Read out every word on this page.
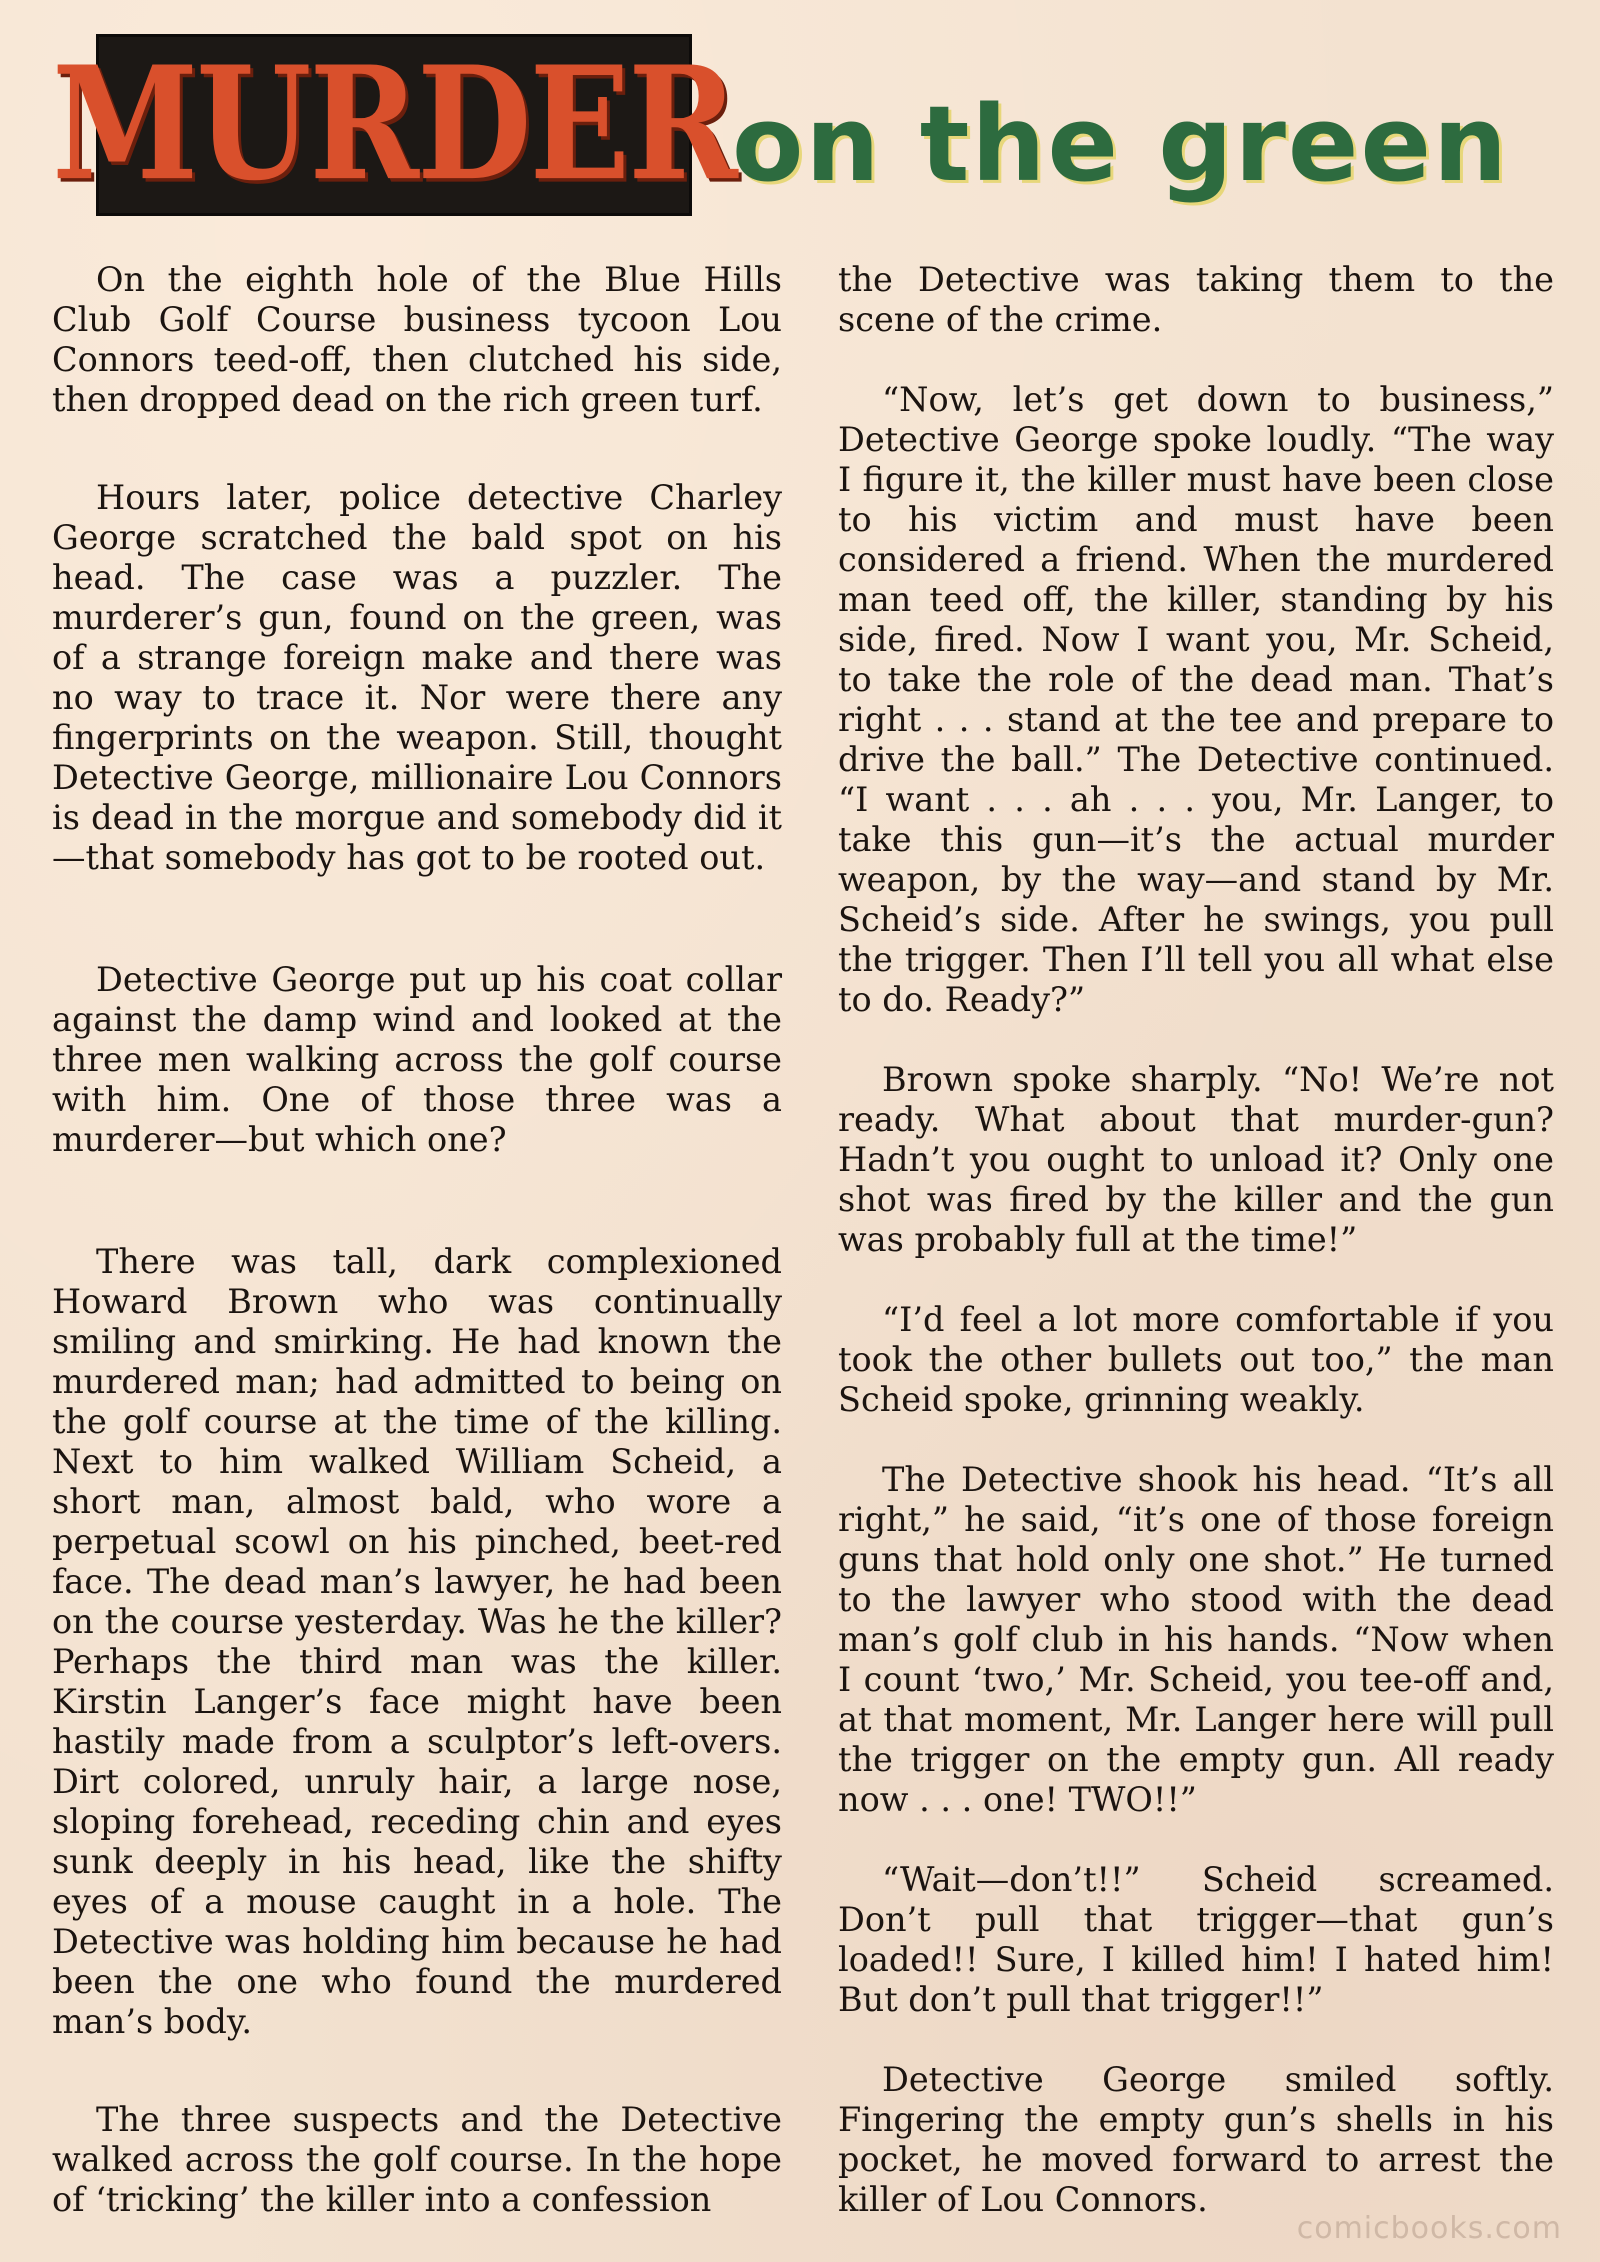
MURDER
on the green

On the eighth hole of the Blue Hills Club Golf Course business tycoon Lou Connors teed-off, then clutched his side, then dropped dead on the rich green turf.

Hours later, police detective Charley George scratched the bald spot on his head. The case was a puzzler. The murderer’s gun, found on the green, was of a strange foreign make and there was no way to trace it. Nor were there any fingerprints on the weapon. Still, thought Detective George, millionaire Lou Connors is dead in the morgue and somebody did it—that somebody has got to be rooted out.

Detective George put up his coat collar against the damp wind and looked at the three men walking across the golf course with him. One of those three was a murderer—but which one?

There was tall, dark complexioned Howard Brown who was continually smiling and smirking. He had known the murdered man; had admitted to being on the golf course at the time of the killing. Next to him walked William Scheid, a short man, almost bald, who wore a perpetual scowl on his pinched, beet-red face. The dead man’s lawyer, he had been on the course yesterday. Was he the killer? Perhaps the third man was the killer. Kirstin Langer’s face might have been hastily made from a sculptor’s left-overs. Dirt colored, unruly hair, a large nose, sloping forehead, receding chin and eyes sunk deeply in his head, like the shifty eyes of a mouse caught in a hole. The Detective was holding him because he had been the one who found the murdered man’s body.

The three suspects and the Detective walked across the golf course. In the hope of ‘tricking’ the killer into a confession

the Detective was taking them to the scene of the crime.

“Now, let’s get down to business,” Detective George spoke loudly. “The way I figure it, the killer must have been close to his victim and must have been considered a friend. When the murdered man teed off, the killer, standing by his side, fired. Now I want you, Mr. Scheid, to take the role of the dead man. That’s right . . . stand at the tee and prepare to drive the ball.” The Detective continued. “I want . . . ah . . . you, Mr. Langer, to take this gun—it’s the actual murder weapon, by the way—and stand by Mr. Scheid’s side. After he swings, you pull the trigger. Then I’ll tell you all what else to do. Ready?”

Brown spoke sharply. “No! We’re not ready. What about that murder-gun? Hadn’t you ought to unload it? Only one shot was fired by the killer and the gun was probably full at the time!”

“I’d feel a lot more comfortable if you took the other bullets out too,” the man Scheid spoke, grinning weakly.

The Detective shook his head. “It’s all right,” he said, “it’s one of those foreign guns that hold only one shot.” He turned to the lawyer who stood with the dead man’s golf club in his hands. “Now when I count ‘two,’ Mr. Scheid, you tee-off and, at that moment, Mr. Langer here will pull the trigger on the empty gun. All ready now . . . one! TWO!!”

“Wait—don’t!!” Scheid screamed. Don’t pull that trigger—that gun’s loaded!! Sure, I killed him! I hated him! But don’t pull that trigger!!”

Detective George smiled softly. Fingering the empty gun’s shells in his pocket, he moved forward to arrest the killer of Lou Connors.

comicbooks.com
